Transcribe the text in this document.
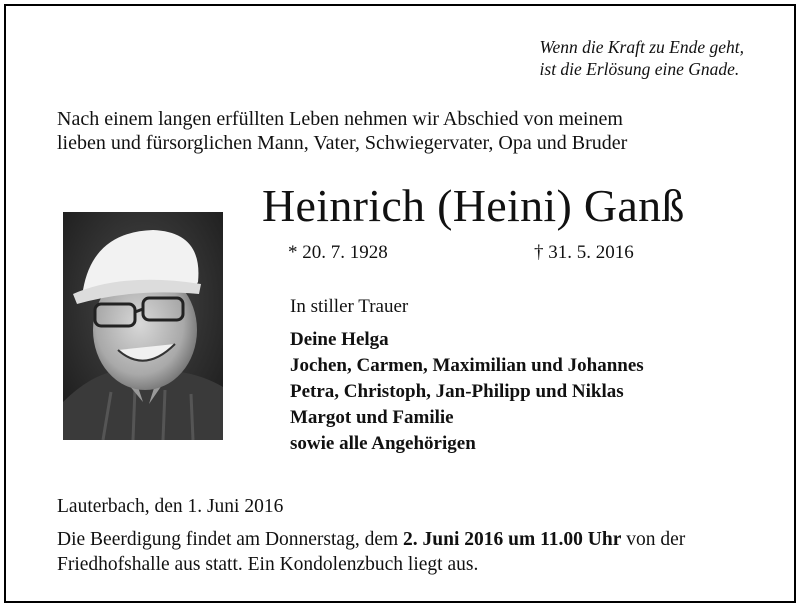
Wenn die Kraft zu Ende geht,
ist die Erlösung eine Gnade.
Nach einem langen erfüllten Leben nehmen wir Abschied von meinem
lieben und fürsorglichen Mann, Vater, Schwiegervater, Opa und Bruder
Heinrich (Heini) Ganß
* 20. 7. 1928	† 31. 5. 2016
In stiller Trauer
Deine Helga
Jochen, Carmen, Maximilian und Johannes
Petra, Christoph, Jan-Philipp und Niklas
Margot und Familie
sowie alle Angehörigen
Lauterbach, den 1. Juni 2016
Die Beerdigung findet am Donnerstag, dem 2. Juni 2016 um 11.00 Uhr von der Friedhofshalle aus statt. Ein Kondolenzbuch liegt aus.
